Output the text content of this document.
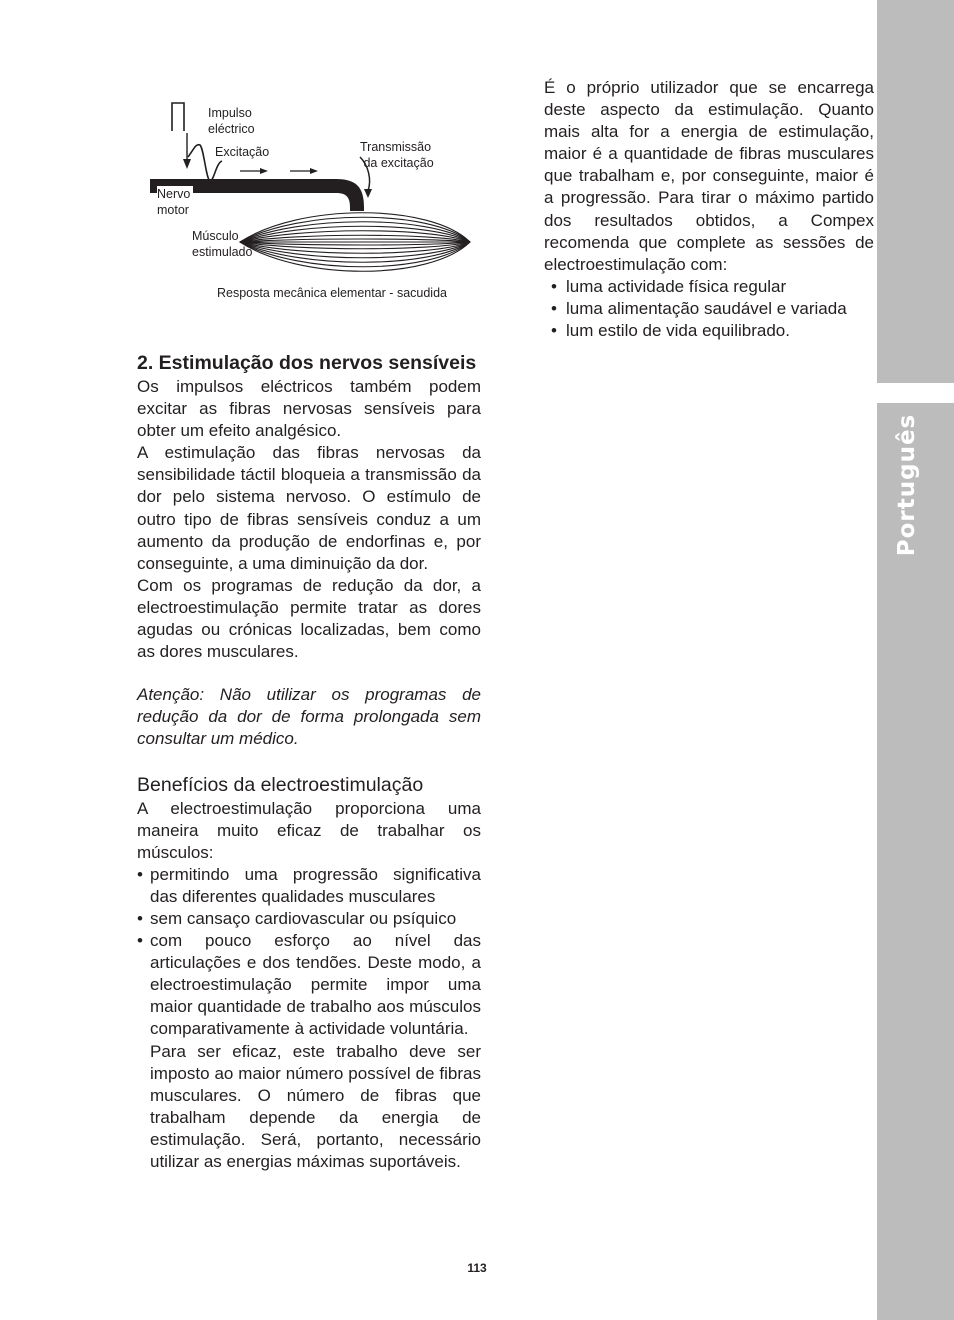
Português
Impulso
eléctrico
Excitação	Transmissão
da excitação
Nervo
motor
Músculo
estimulado
Resposta mecânica elementar - sacudida
2. Estimulação dos nervos sensíveis

Os impulsos eléctricos também podem excitar as fibras nervosas sensíveis para obter um efeito analgésico.

A estimulação das fibras nervosas da sensibilidade táctil bloqueia a transmissão da dor pelo sistema nervoso. O estímulo de outro tipo de fibras sensíveis conduz a um aumento da produção de endorfinas e, por conseguinte, a uma diminuição da dor.

Com os programas de redução da dor, a electroestimulação permite tratar as dores agudas ou crónicas localizadas, bem como as dores musculares.

Atenção: Não utilizar os programas de redução da dor de forma prolongada sem consultar um médico.

Benefícios da electroestimulação

A electroestimulação proporciona uma maneira muito eficaz de trabalhar os músculos:

• permitindo uma progressão significativa das diferentes qualidades musculares
• sem cansaço cardiovascular ou psíquico
• com pouco esforço ao nível das articulações e dos tendões. Deste modo, a electroestimulação permite impor uma maior quantidade de trabalho aos músculos comparativamente à actividade voluntária.

Para ser eficaz, este trabalho deve ser imposto ao maior número possível de fibras musculares. O número de fibras que trabalham depende da energia de estimulação. Será, portanto, necessário utilizar as energias máximas suportáveis.

É o próprio utilizador que se encarrega deste aspecto da estimulação. Quanto mais alta for a energia de estimulação, maior é a quantidade de fibras musculares que trabalham e, por conseguinte, maior é a progressão. Para tirar o máximo partido dos resultados obtidos, a Compex recomenda que complete as sessões de electroestimulação com:

• luma actividade física regular
• luma alimentação saudável e variada
• lum estilo de vida equilibrado.
113
